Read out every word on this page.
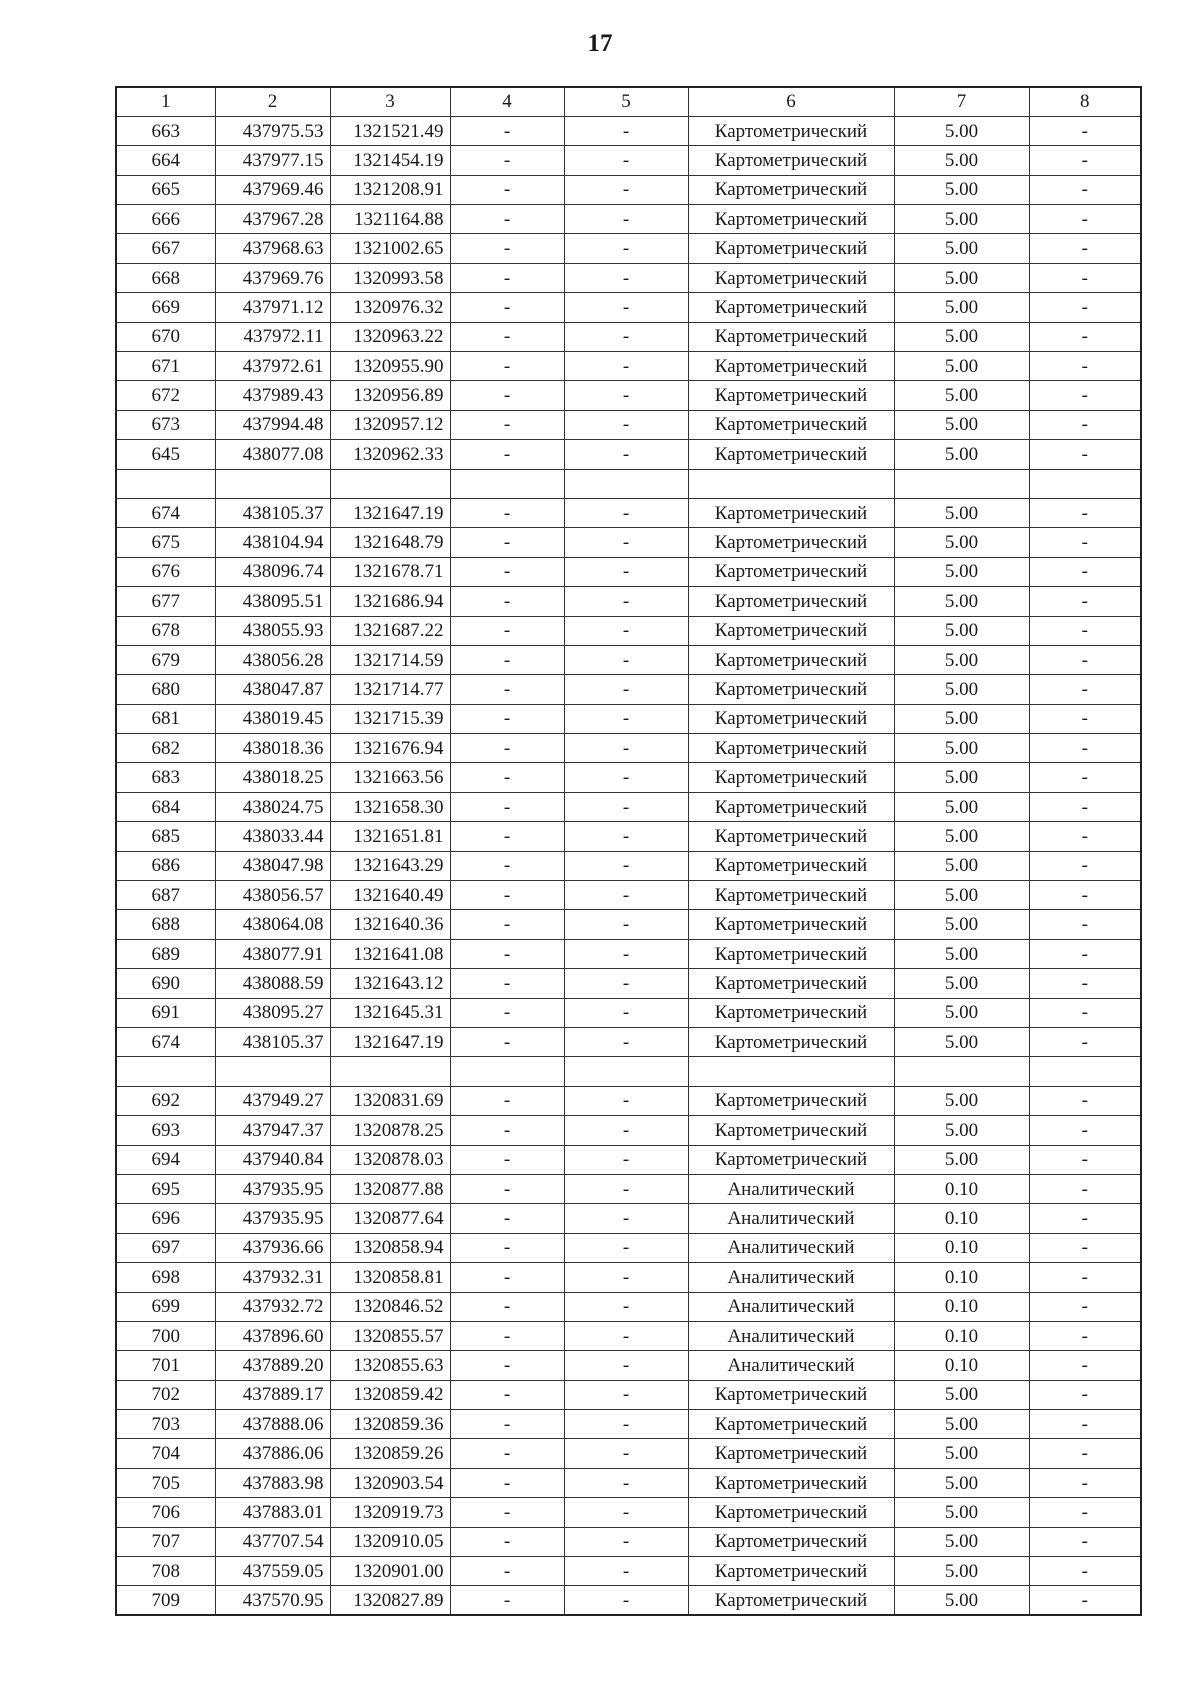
17
1	2	3	4	5	6	7	8
663	437975.53	1321521.49	-	-	Картометрический	5.00	-
664	437977.15	1321454.19	-	-	Картометрический	5.00	-
665	437969.46	1321208.91	-	-	Картометрический	5.00	-
666	437967.28	1321164.88	-	-	Картометрический	5.00	-
667	437968.63	1321002.65	-	-	Картометрический	5.00	-
668	437969.76	1320993.58	-	-	Картометрический	5.00	-
669	437971.12	1320976.32	-	-	Картометрический	5.00	-
670	437972.11	1320963.22	-	-	Картометрический	5.00	-
671	437972.61	1320955.90	-	-	Картометрический	5.00	-
672	437989.43	1320956.89	-	-	Картометрический	5.00	-
673	437994.48	1320957.12	-	-	Картометрический	5.00	-
645	438077.08	1320962.33	-	-	Картометрический	5.00	-

674	438105.37	1321647.19	-	-	Картометрический	5.00	-
675	438104.94	1321648.79	-	-	Картометрический	5.00	-
676	438096.74	1321678.71	-	-	Картометрический	5.00	-
677	438095.51	1321686.94	-	-	Картометрический	5.00	-
678	438055.93	1321687.22	-	-	Картометрический	5.00	-
679	438056.28	1321714.59	-	-	Картометрический	5.00	-
680	438047.87	1321714.77	-	-	Картометрический	5.00	-
681	438019.45	1321715.39	-	-	Картометрический	5.00	-
682	438018.36	1321676.94	-	-	Картометрический	5.00	-
683	438018.25	1321663.56	-	-	Картометрический	5.00	-
684	438024.75	1321658.30	-	-	Картометрический	5.00	-
685	438033.44	1321651.81	-	-	Картометрический	5.00	-
686	438047.98	1321643.29	-	-	Картометрический	5.00	-
687	438056.57	1321640.49	-	-	Картометрический	5.00	-
688	438064.08	1321640.36	-	-	Картометрический	5.00	-
689	438077.91	1321641.08	-	-	Картометрический	5.00	-
690	438088.59	1321643.12	-	-	Картометрический	5.00	-
691	438095.27	1321645.31	-	-	Картометрический	5.00	-
674	438105.37	1321647.19	-	-	Картометрический	5.00	-

692	437949.27	1320831.69	-	-	Картометрический	5.00	-
693	437947.37	1320878.25	-	-	Картометрический	5.00	-
694	437940.84	1320878.03	-	-	Картометрический	5.00	-
695	437935.95	1320877.88	-	-	Аналитический	0.10	-
696	437935.95	1320877.64	-	-	Аналитический	0.10	-
697	437936.66	1320858.94	-	-	Аналитический	0.10	-
698	437932.31	1320858.81	-	-	Аналитический	0.10	-
699	437932.72	1320846.52	-	-	Аналитический	0.10	-
700	437896.60	1320855.57	-	-	Аналитический	0.10	-
701	437889.20	1320855.63	-	-	Аналитический	0.10	-
702	437889.17	1320859.42	-	-	Картометрический	5.00	-
703	437888.06	1320859.36	-	-	Картометрический	5.00	-
704	437886.06	1320859.26	-	-	Картометрический	5.00	-
705	437883.98	1320903.54	-	-	Картометрический	5.00	-
706	437883.01	1320919.73	-	-	Картометрический	5.00	-
707	437707.54	1320910.05	-	-	Картометрический	5.00	-
708	437559.05	1320901.00	-	-	Картометрический	5.00	-
709	437570.95	1320827.89	-	-	Картометрический	5.00	-
